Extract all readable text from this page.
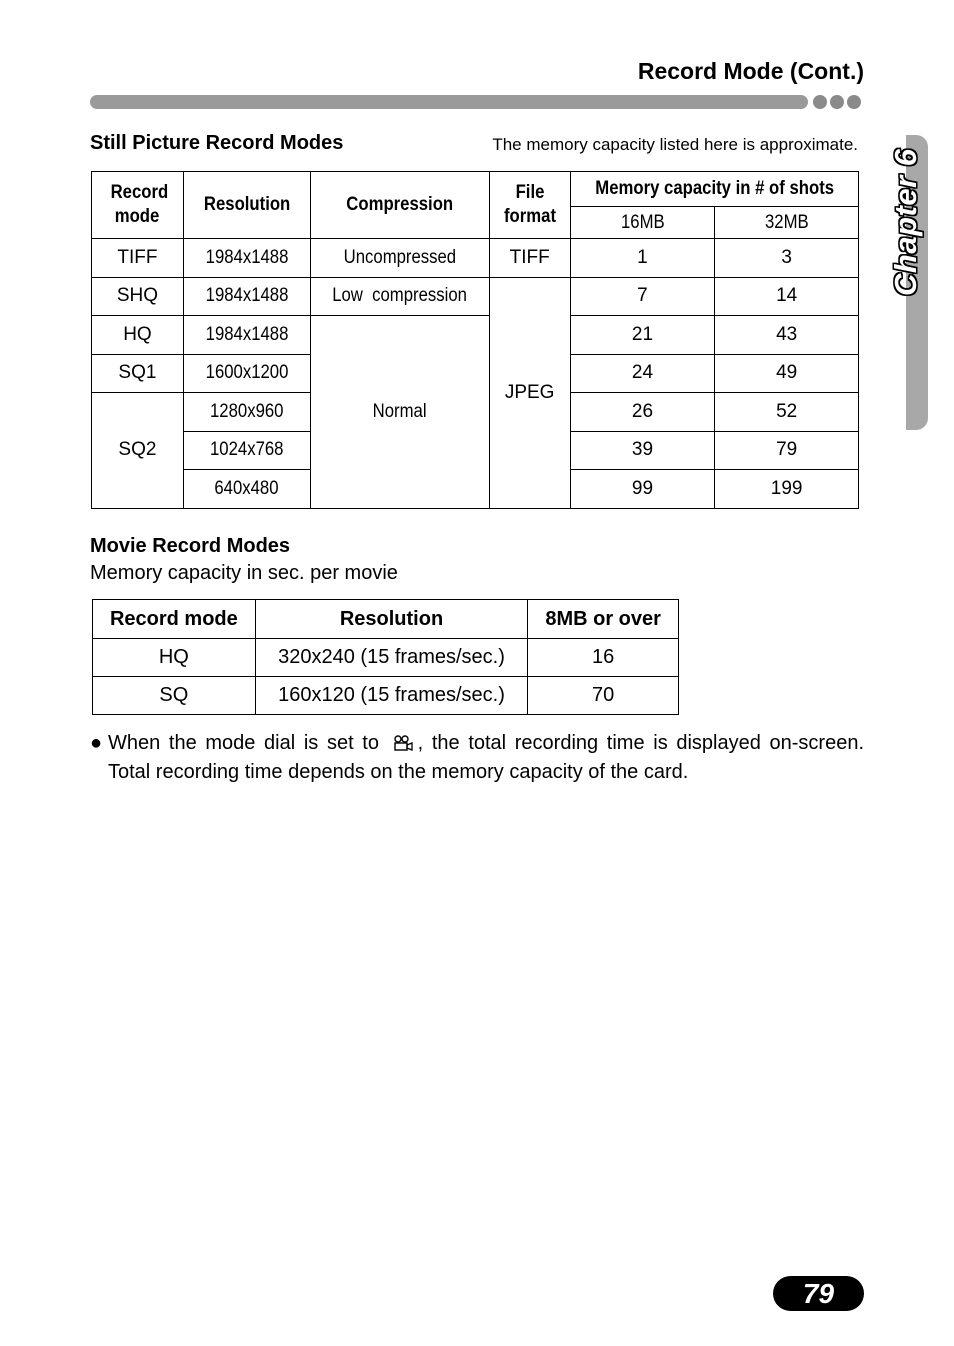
Record Mode (Cont.)
Chapter 6
Still Picture Record Modes	The memory capacity listed here is approximate.
Record mode	Resolution	Compression	File format	Memory capacity in # of shots	
				16MB	32MB
TIFF	1984x1488	Uncompressed	TIFF	1	3
SHQ	1984x1488	Low  compression	JPEG	7	14
HQ	1984x1488	Normal		21	43
SQ1	1600x1200			24	49
SQ2	1280x960			26	52
	1024x768			39	79
	640x480			99	199
Movie Record Modes
Memory capacity in sec. per movie
Record mode	Resolution	8MB or over
HQ	320x240 (15 frames/sec.)	16
SQ	160x120 (15 frames/sec.)	70
● When the mode dial is set to , the total recording time is displayed on-screen. Total recording time depends on the memory capacity of the card.
79
